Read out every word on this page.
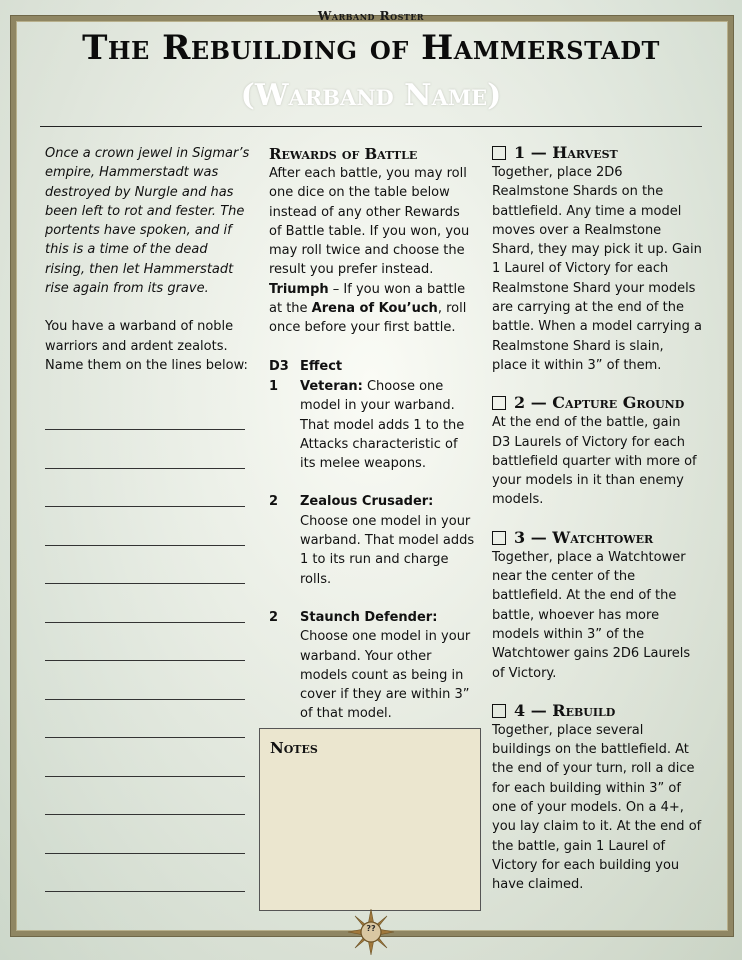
Warband Roster
The Rebuilding of Hammerstadt
(Warband Name)

Once a crown jewel in Sigmar’s empire, Hammerstadt was destroyed by Nurgle and has been left to rot and fester. The portents have spoken, and if this is a time of the dead rising, then let Hammerstadt rise again from its grave.

You have a warband of noble warriors and ardent zealots. Name them on the lines below:

Rewards of Battle

After each battle, you may roll one dice on the table below instead of any other Rewards of Battle table. If you won, you may roll twice and choose the result you prefer instead.

Triumph – If you won a battle at the Arena of Kou’uch, roll once before your first battle.

D3 Effect
1	Veteran: Choose one model in your warband. That model adds 1 to the Attacks characteristic of its melee weapons.
2	Zealous Crusader: Choose one model in your warband. That model adds 1 to its run and charge rolls.
2	Staunch Defender: Choose one model in your warband. Your other models count as being in cover if they are within 3” of that model.
Notes

1 — Harvest

Together, place 2D6 Realmstone Shards on the battlefield. Any time a model moves over a Realmstone Shard, they may pick it up. Gain 1 Laurel of Victory for each Realmstone Shard your models are carrying at the end of the battle. When a model carrying a Realmstone Shard is slain, place it within 3” of them.

2 — Capture Ground

At the end of the battle, gain D3 Laurels of Victory for each battlefield quarter with more of your models in it than enemy models.

3 — Watchtower

Together, place a Watchtower near the center of the battlefield. At the end of the battle, whoever has more models within 3” of the Watchtower gains 2D6 Laurels of Victory.

4 — Rebuild

Together, place several buildings on the battlefield. At the end of your turn, roll a dice for each building within 3” of one of your models. On a 4+, you lay claim to it. At the end of the battle, gain 1 Laurel of Victory for each building you have claimed.

??
